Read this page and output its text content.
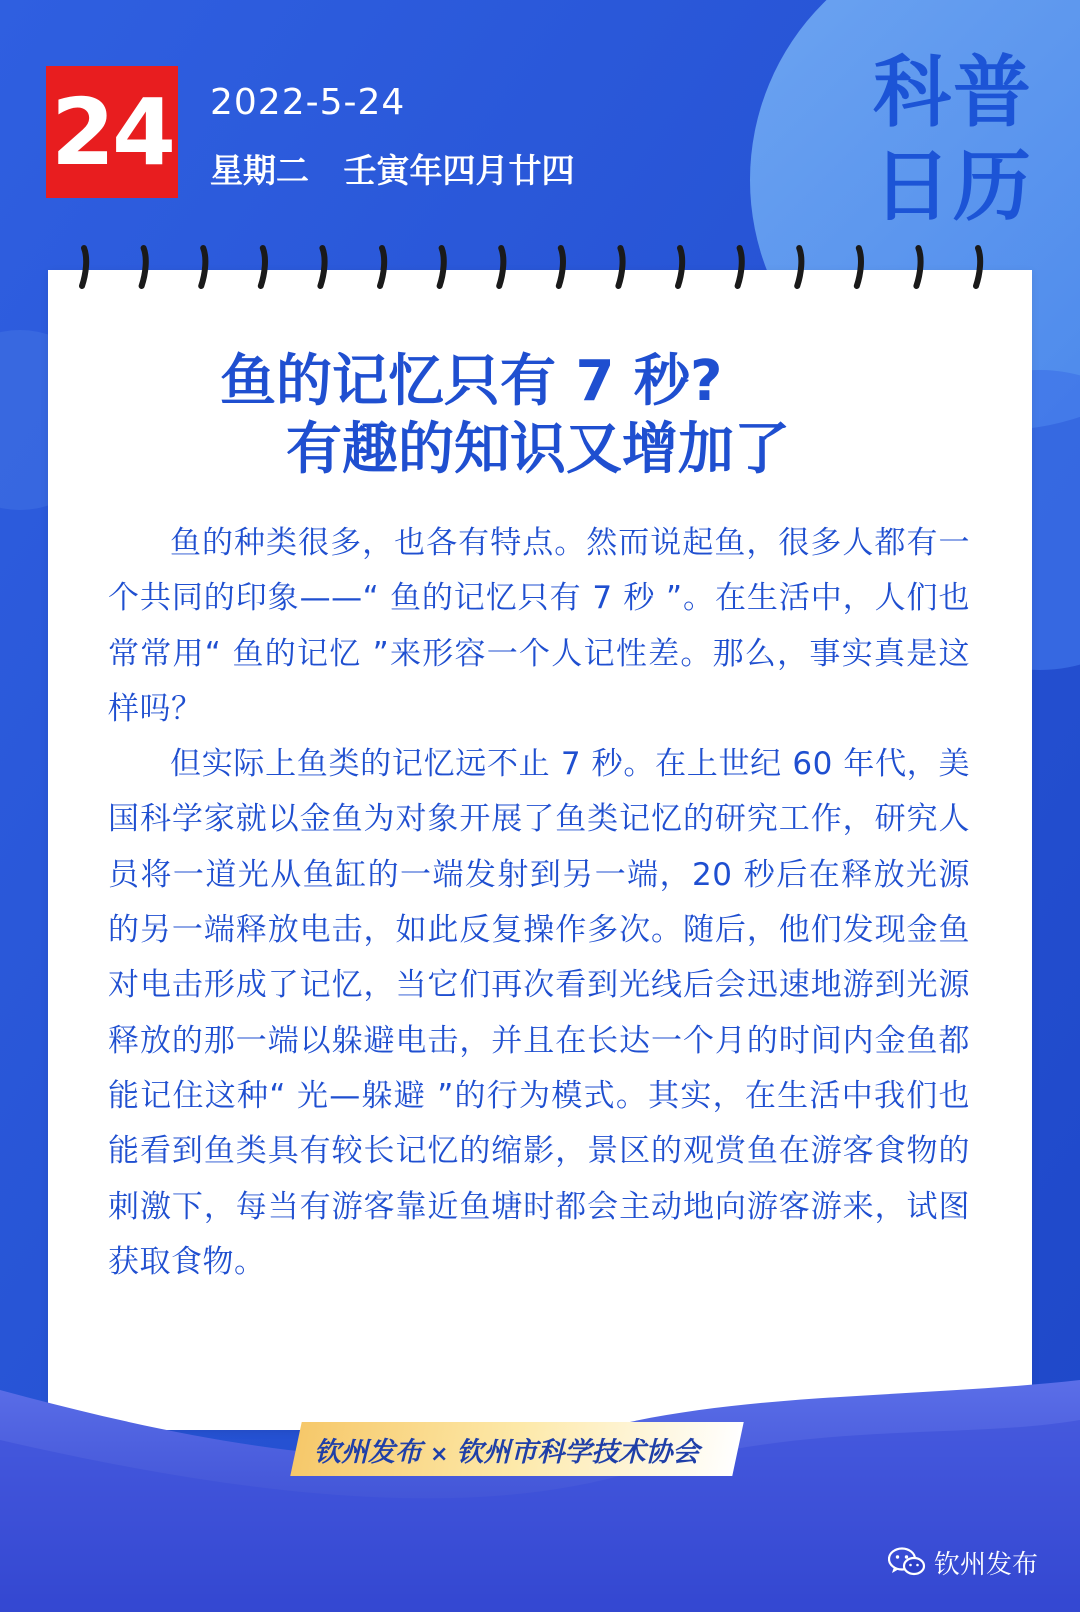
24 2022-5-24
星期二   壬寅年四月廿四
科普日历
鱼的记忆只有 7 秒?
有趣的知识又增加了

鱼的种类很多，也各有特点。然而说起鱼，很多人都有一个共同的印象——“ 鱼的记忆只有 7 秒 ”。在生活中，人们也常常用“ 鱼的记忆 ”来形容一个人记性差。那么，事实真是这样吗？

但实际上鱼类的记忆远不止 7 秒。在上世纪 60 年代，美国科学家就以金鱼为对象开展了鱼类记忆的研究工作，研究人员将一道光从鱼缸的一端发射到另一端，20 秒后在释放光源的另一端释放电击，如此反复操作多次。随后，他们发现金鱼对电击形成了记忆，当它们再次看到光线后会迅速地游到光源释放的那一端以躲避电击，并且在长达一个月的时间内金鱼都能记住这种“ 光—躲避 ”的行为模式。其实，在生活中我们也能看到鱼类具有较长记忆的缩影，景区的观赏鱼在游客食物的刺激下，每当有游客靠近鱼塘时都会主动地向游客游来，试图获取食物。

钦州发布 × 钦州市科学技术协会
钦州发布
